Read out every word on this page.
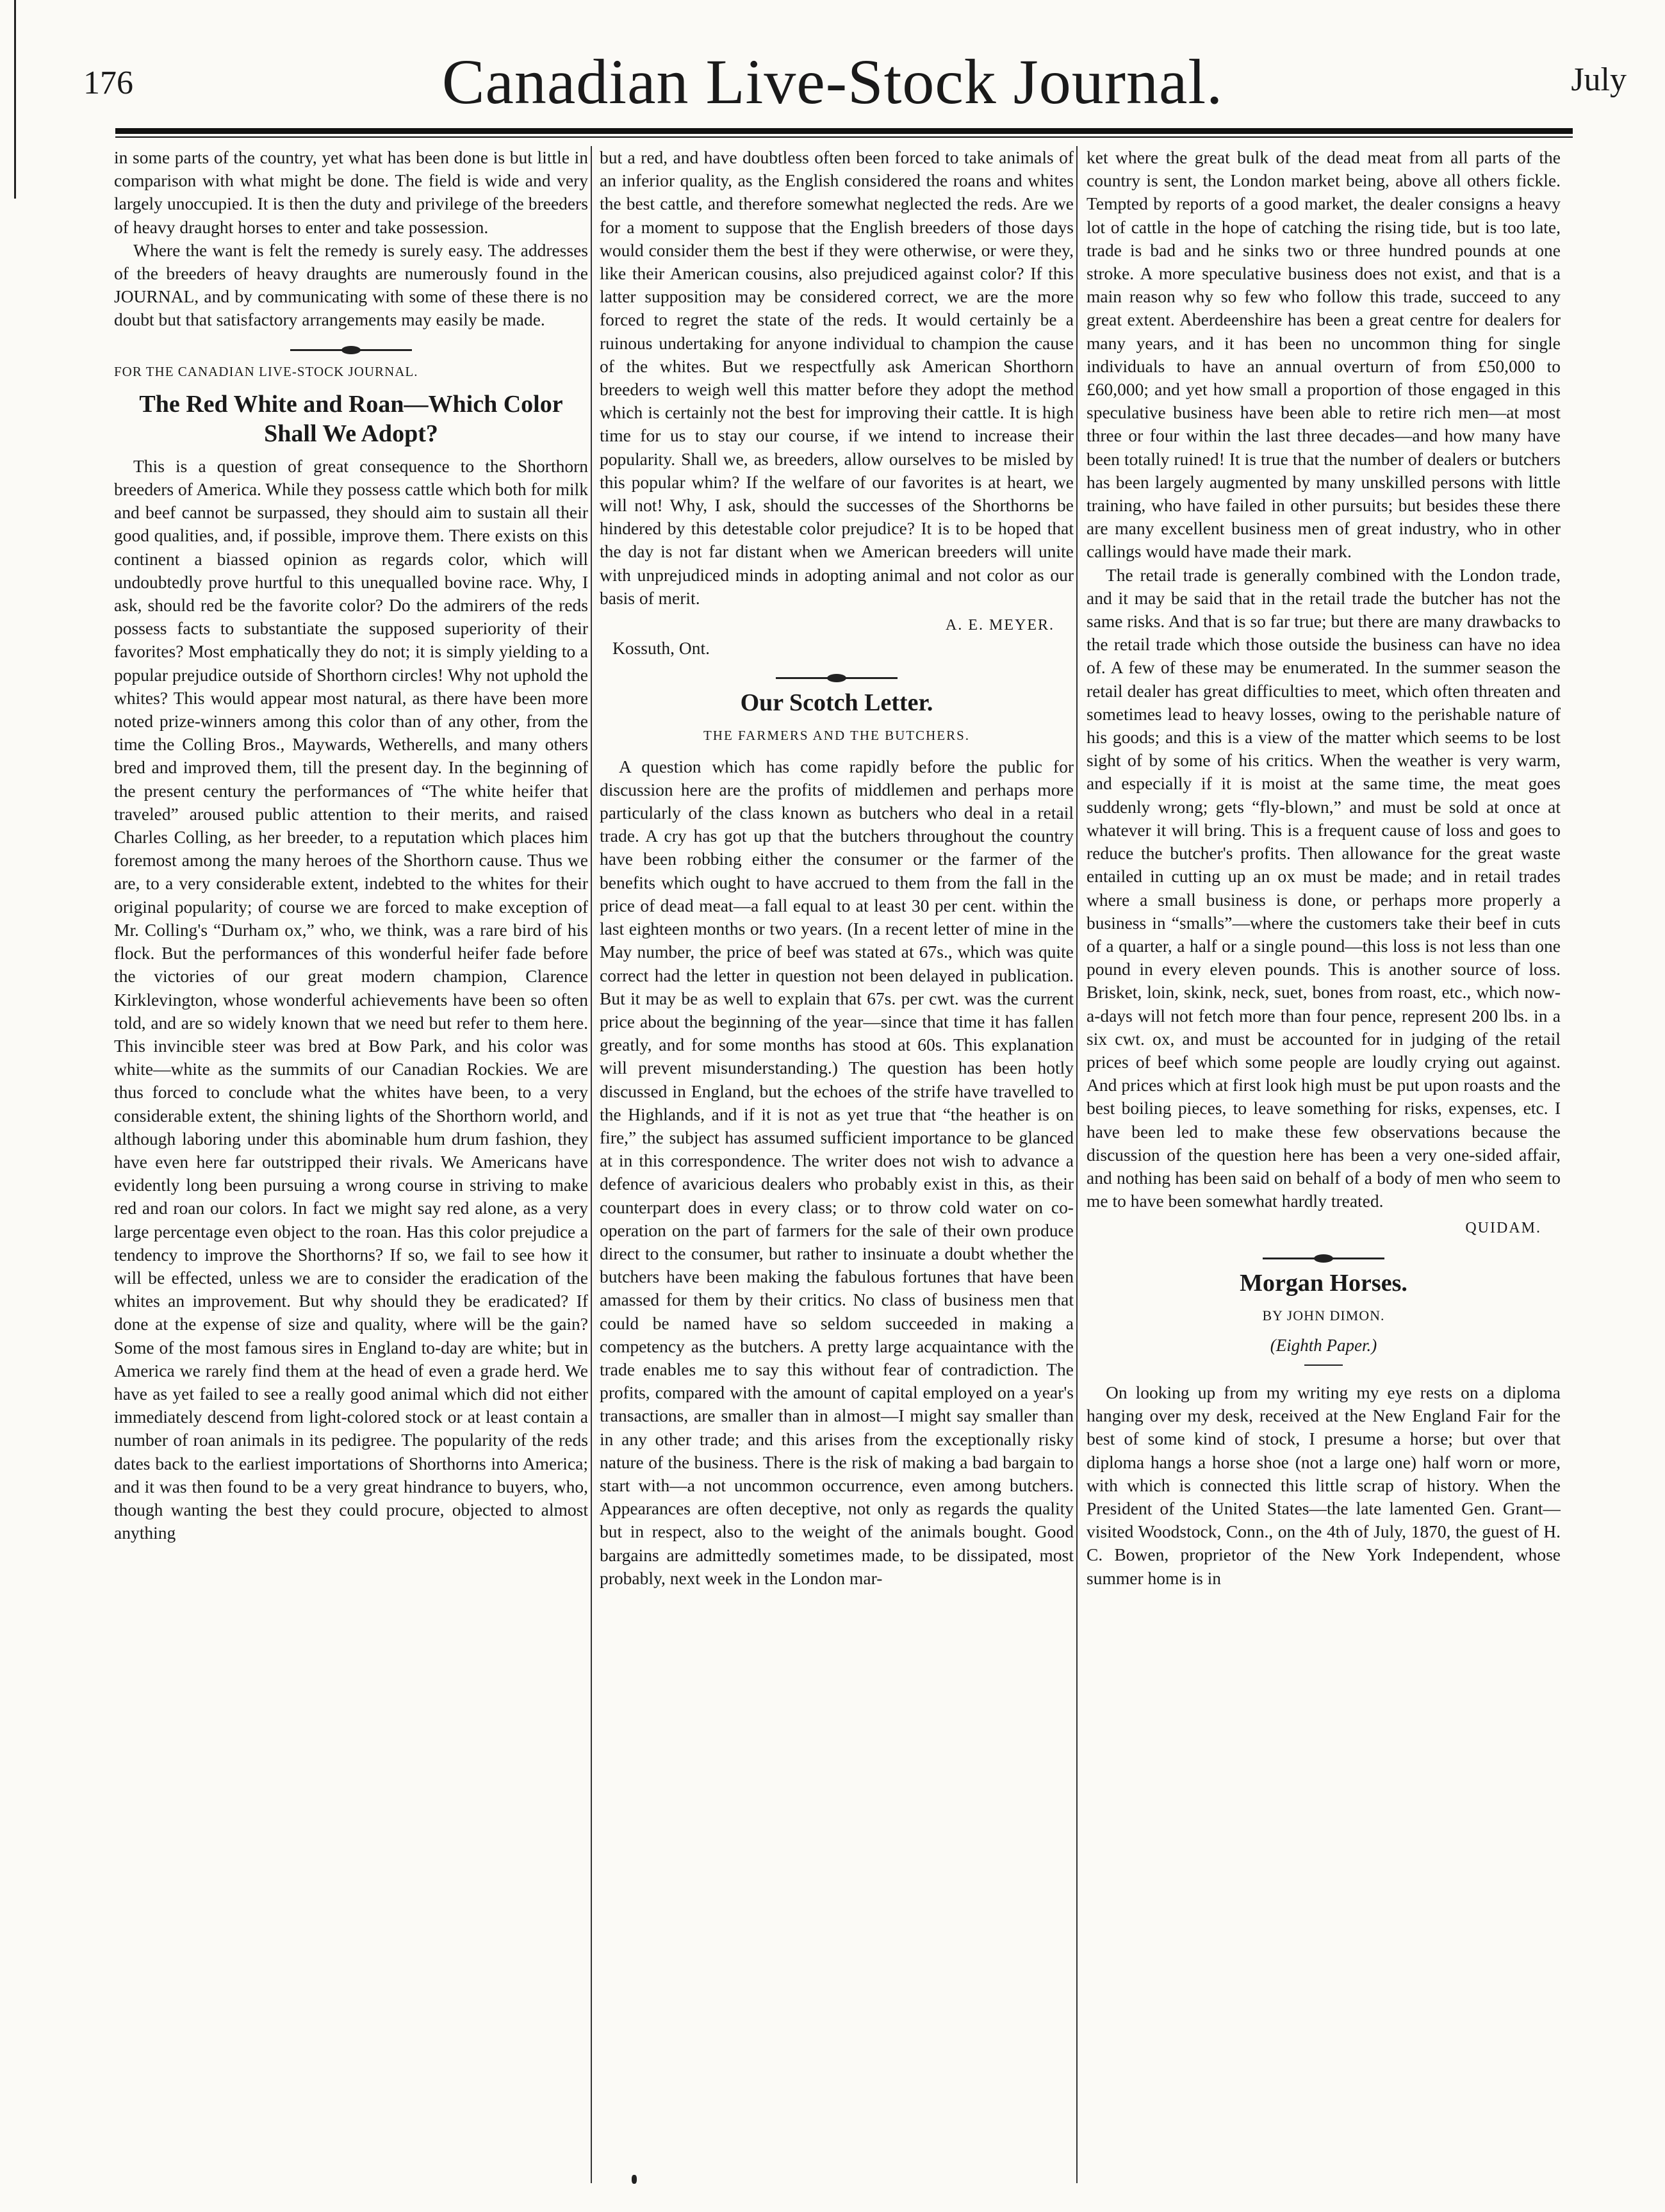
176	Canadian Live-Stock Journal.	July

in some parts of the country, yet what has been done is but little in comparison with what might be done. The field is wide and very largely unoccupied. It is then the duty and privilege of the breeders of heavy draught horses to enter and take possession.

Where the want is felt the remedy is surely easy. The addresses of the breeders of heavy draughts are numerously found in the JOURNAL, and by communicating with some of these there is no doubt but that satisfactory arrangements may easily be made.

FOR THE CANADIAN LIVE-STOCK JOURNAL.
The Red White and Roan—Which Color Shall We Adopt?

This is a question of great consequence to the Shorthorn breeders of America. While they possess cattle which both for milk and beef cannot be surpassed, they should aim to sustain all their good qualities, and, if possible, improve them. There exists on this continent a biassed opinion as regards color, which will undoubtedly prove hurtful to this unequalled bovine race. Why, I ask, should red be the favorite color? Do the admirers of the reds possess facts to substantiate the supposed superiority of their favorites? Most emphatically they do not; it is simply yielding to a popular prejudice outside of Shorthorn circles! Why not uphold the whites? This would appear most natural, as there have been more noted prize-winners among this color than of any other, from the time the Colling Bros., Maywards, Wetherells, and many others bred and improved them, till the present day. In the beginning of the present century the performances of “The white heifer that traveled” aroused public attention to their merits, and raised Charles Colling, as her breeder, to a reputation which places him foremost among the many heroes of the Shorthorn cause. Thus we are, to a very considerable extent, indebted to the whites for their original popularity; of course we are forced to make exception of Mr. Colling's “Durham ox,” who, we think, was a rare bird of his flock. But the performances of this wonderful heifer fade before the victories of our great modern champion, Clarence Kirklevington, whose wonderful achievements have been so often told, and are so widely known that we need but refer to them here. This invincible steer was bred at Bow Park, and his color was white—white as the summits of our Canadian Rockies. We are thus forced to conclude what the whites have been, to a very considerable extent, the shining lights of the Shorthorn world, and although laboring under this abominable hum drum fashion, they have even here far outstripped their rivals. We Americans have evidently long been pursuing a wrong course in striving to make red and roan our colors. In fact we might say red alone, as a very large percentage even object to the roan. Has this color prejudice a tendency to improve the Shorthorns? If so, we fail to see how it will be effected, unless we are to consider the eradication of the whites an improvement. But why should they be eradicated? If done at the expense of size and quality, where will be the gain? Some of the most famous sires in England to-day are white; but in America we rarely find them at the head of even a grade herd. We have as yet failed to see a really good animal which did not either immediately descend from light-colored stock or at least contain a number of roan animals in its pedigree. The popularity of the reds dates back to the earliest importations of Shorthorns into America; and it was then found to be a very great hindrance to buyers, who, though wanting the best they could procure, objected to almost anything

but a red, and have doubtless often been forced to take animals of an inferior quality, as the English considered the roans and whites the best cattle, and therefore somewhat neglected the reds. Are we for a moment to suppose that the English breeders of those days would consider them the best if they were otherwise, or were they, like their American cousins, also prejudiced against color? If this latter supposition may be considered correct, we are the more forced to regret the state of the reds. It would certainly be a ruinous undertaking for anyone individual to champion the cause of the whites. But we respectfully ask American Shorthorn breeders to weigh well this matter before they adopt the method which is certainly not the best for improving their cattle. It is high time for us to stay our course, if we intend to increase their popularity. Shall we, as breeders, allow ourselves to be misled by this popular whim? If the welfare of our favorites is at heart, we will not! Why, I ask, should the successes of the Shorthorns be hindered by this detestable color prejudice? It is to be hoped that the day is not far distant when we American breeders will unite with unprejudiced minds in adopting animal and not color as our basis of merit.

A. E. MEYER.

Kossuth, Ont.

Our Scotch Letter.
THE FARMERS AND THE BUTCHERS.

A question which has come rapidly before the public for discussion here are the profits of middlemen and perhaps more particularly of the class known as butchers who deal in a retail trade. A cry has got up that the butchers throughout the country have been robbing either the consumer or the farmer of the benefits which ought to have accrued to them from the fall in the price of dead meat—a fall equal to at least 30 per cent. within the last eighteen months or two years. (In a recent letter of mine in the May number, the price of beef was stated at 67s., which was quite correct had the letter in question not been delayed in publication. But it may be as well to explain that 67s. per cwt. was the current price about the beginning of the year—since that time it has fallen greatly, and for some months has stood at 60s. This explanation will prevent misunderstanding.) The question has been hotly discussed in England, but the echoes of the strife have travelled to the Highlands, and if it is not as yet true that “the heather is on fire,” the subject has assumed sufficient importance to be glanced at in this correspondence. The writer does not wish to advance a defence of avaricious dealers who probably exist in this, as their counterpart does in every class; or to throw cold water on co-operation on the part of farmers for the sale of their own produce direct to the consumer, but rather to insinuate a doubt whether the butchers have been making the fabulous fortunes that have been amassed for them by their critics. No class of business men that could be named have so seldom succeeded in making a competency as the butchers. A pretty large acquaintance with the trade enables me to say this without fear of contradiction. The profits, compared with the amount of capital employed on a year's transactions, are smaller than in almost—I might say smaller than in any other trade; and this arises from the exceptionally risky nature of the business. There is the risk of making a bad bargain to start with—a not uncommon occurrence, even among butchers. Appearances are often deceptive, not only as regards the quality but in respect, also to the weight of the animals bought. Good bargains are admittedly sometimes made, to be dissipated, most probably, next week in the London mar-

ket where the great bulk of the dead meat from all parts of the country is sent, the London market being, above all others fickle. Tempted by reports of a good market, the dealer consigns a heavy lot of cattle in the hope of catching the rising tide, but is too late, trade is bad and he sinks two or three hundred pounds at one stroke. A more speculative business does not exist, and that is a main reason why so few who follow this trade, succeed to any great extent. Aberdeenshire has been a great centre for dealers for many years, and it has been no uncommon thing for single individuals to have an annual overturn of from £50,000 to £60,000; and yet how small a proportion of those engaged in this speculative business have been able to retire rich men—at most three or four within the last three decades—and how many have been totally ruined! It is true that the number of dealers or butchers has been largely augmented by many unskilled persons with little training, who have failed in other pursuits; but besides these there are many excellent business men of great industry, who in other callings would have made their mark.

The retail trade is generally combined with the London trade, and it may be said that in the retail trade the butcher has not the same risks. And that is so far true; but there are many drawbacks to the retail trade which those outside the business can have no idea of. A few of these may be enumerated. In the summer season the retail dealer has great difficulties to meet, which often threaten and sometimes lead to heavy losses, owing to the perishable nature of his goods; and this is a view of the matter which seems to be lost sight of by some of his critics. When the weather is very warm, and especially if it is moist at the same time, the meat goes suddenly wrong; gets “fly-blown,” and must be sold at once at whatever it will bring. This is a frequent cause of loss and goes to reduce the butcher's profits. Then allowance for the great waste entailed in cutting up an ox must be made; and in retail trades where a small business is done, or perhaps more properly a business in “smalls”—where the customers take their beef in cuts of a quarter, a half or a single pound—this loss is not less than one pound in every eleven pounds. This is another source of loss. Brisket, loin, skink, neck, suet, bones from roast, etc., which now-a-days will not fetch more than four pence, represent 200 lbs. in a six cwt. ox, and must be accounted for in judging of the retail prices of beef which some people are loudly crying out against. And prices which at first look high must be put upon roasts and the best boiling pieces, to leave something for risks, expenses, etc. I have been led to make these few observations because the discussion of the question here has been a very one-sided affair, and nothing has been said on behalf of a body of men who seem to me to have been somewhat hardly treated.

QUIDAM.
Morgan Horses.
BY JOHN DIMON.
(Eighth Paper.)

On looking up from my writing my eye rests on a diploma hanging over my desk, received at the New England Fair for the best of some kind of stock, I presume a horse; but over that diploma hangs a horse shoe (not a large one) half worn or more, with which is connected this little scrap of history. When the President of the United States—the late lamented Gen. Grant—visited Woodstock, Conn., on the 4th of July, 1870, the guest of H. C. Bowen, proprietor of the New York Independent, whose summer home is in
